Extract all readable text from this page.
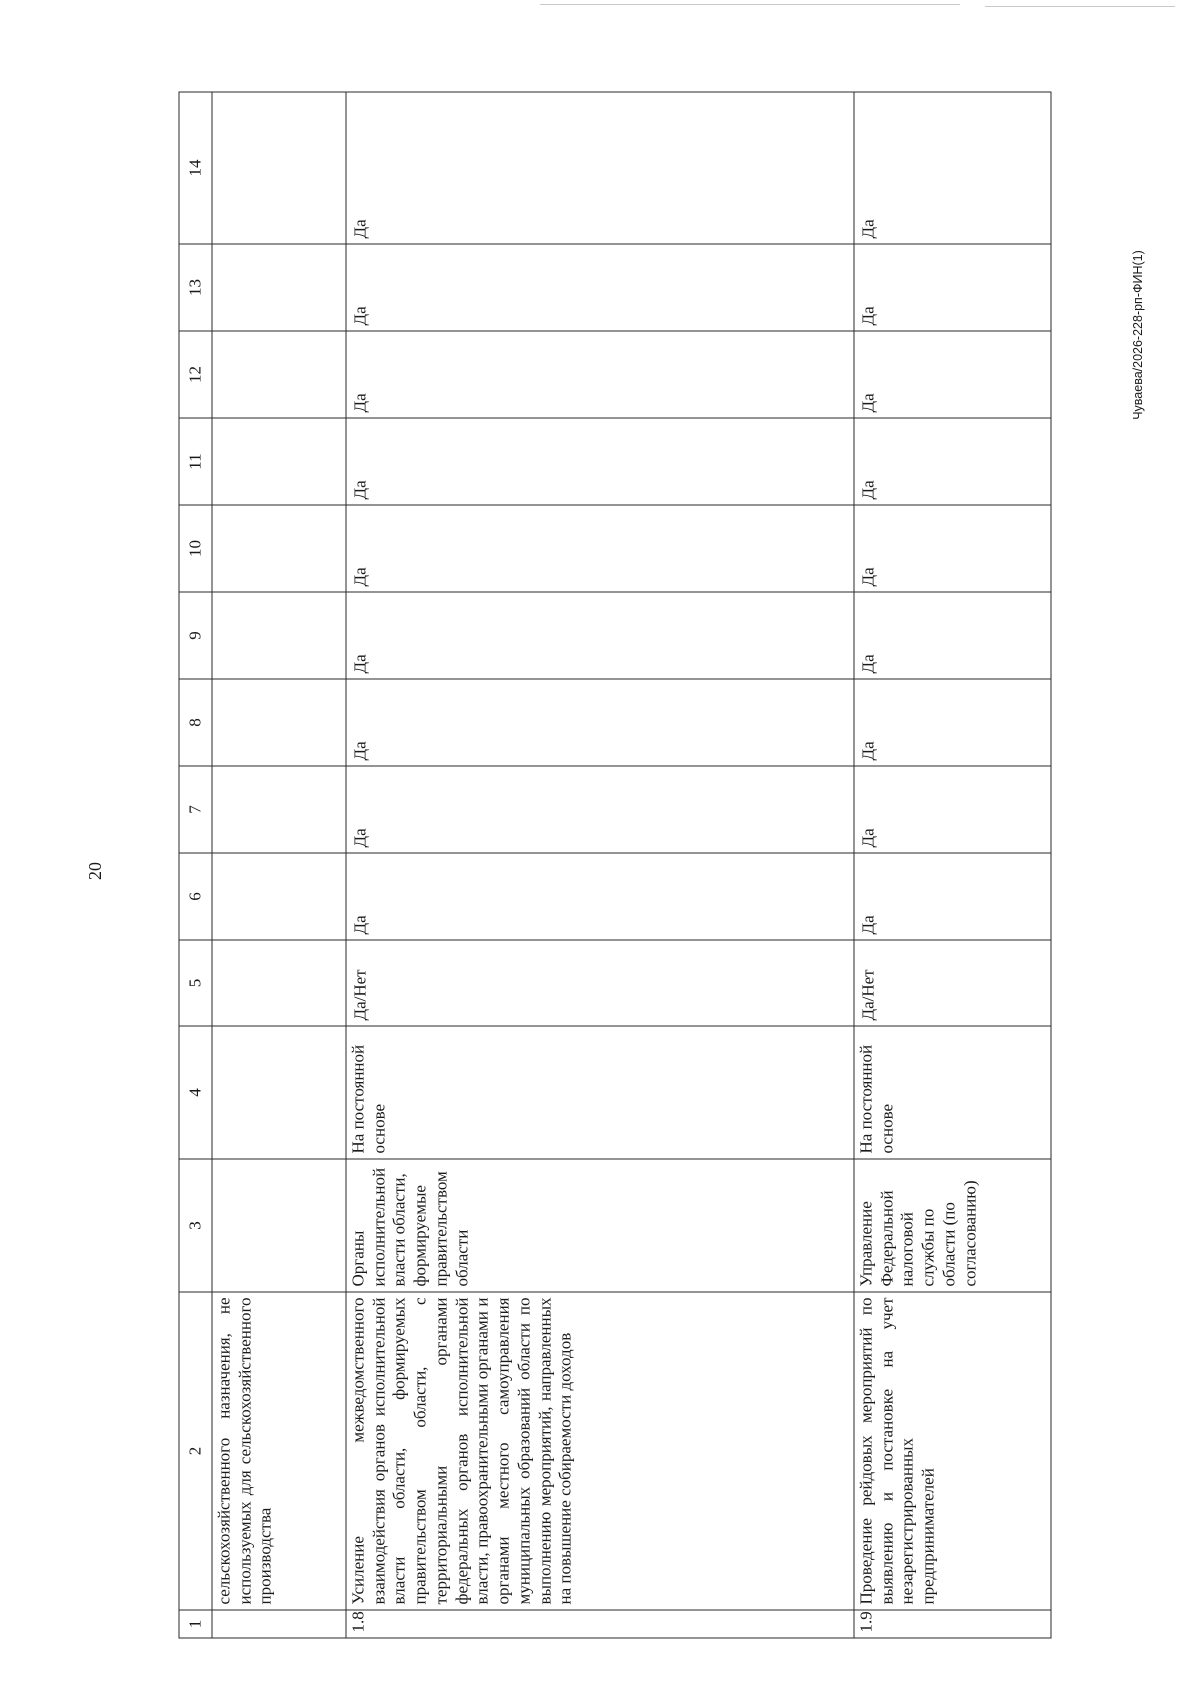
20
Чуваева/2026-228-рп-ФИН(1)
1	2	3	4	5	6	7	8	9	10	11	12	13	14
	сельскохозяйственного назначения, не используемых для сельскохозяйственного производства												
1.8	Усиление межведомственного взаимодействия органов исполнительной власти области, формируемых правительством области, с территориальными органами федеральных органов исполнительной власти, правоохранительными органами и органами местного самоуправления муниципальных образований области по выполнению мероприятий, направленных на повышение собираемости доходов	Органы исполнительной власти области, формируемые правительством области	На постоянной основе	Да/Нет	Да	Да	Да	Да	Да	Да	Да	Да	Да
1.9	Проведение рейдовых мероприятий по выявлению и постановке на учет незарегистрированных предпринимателей	Управление Федеральной налоговой службы по области (по согласованию)	На постоянной основе	Да/Нет	Да	Да	Да	Да	Да	Да	Да	Да	Да
